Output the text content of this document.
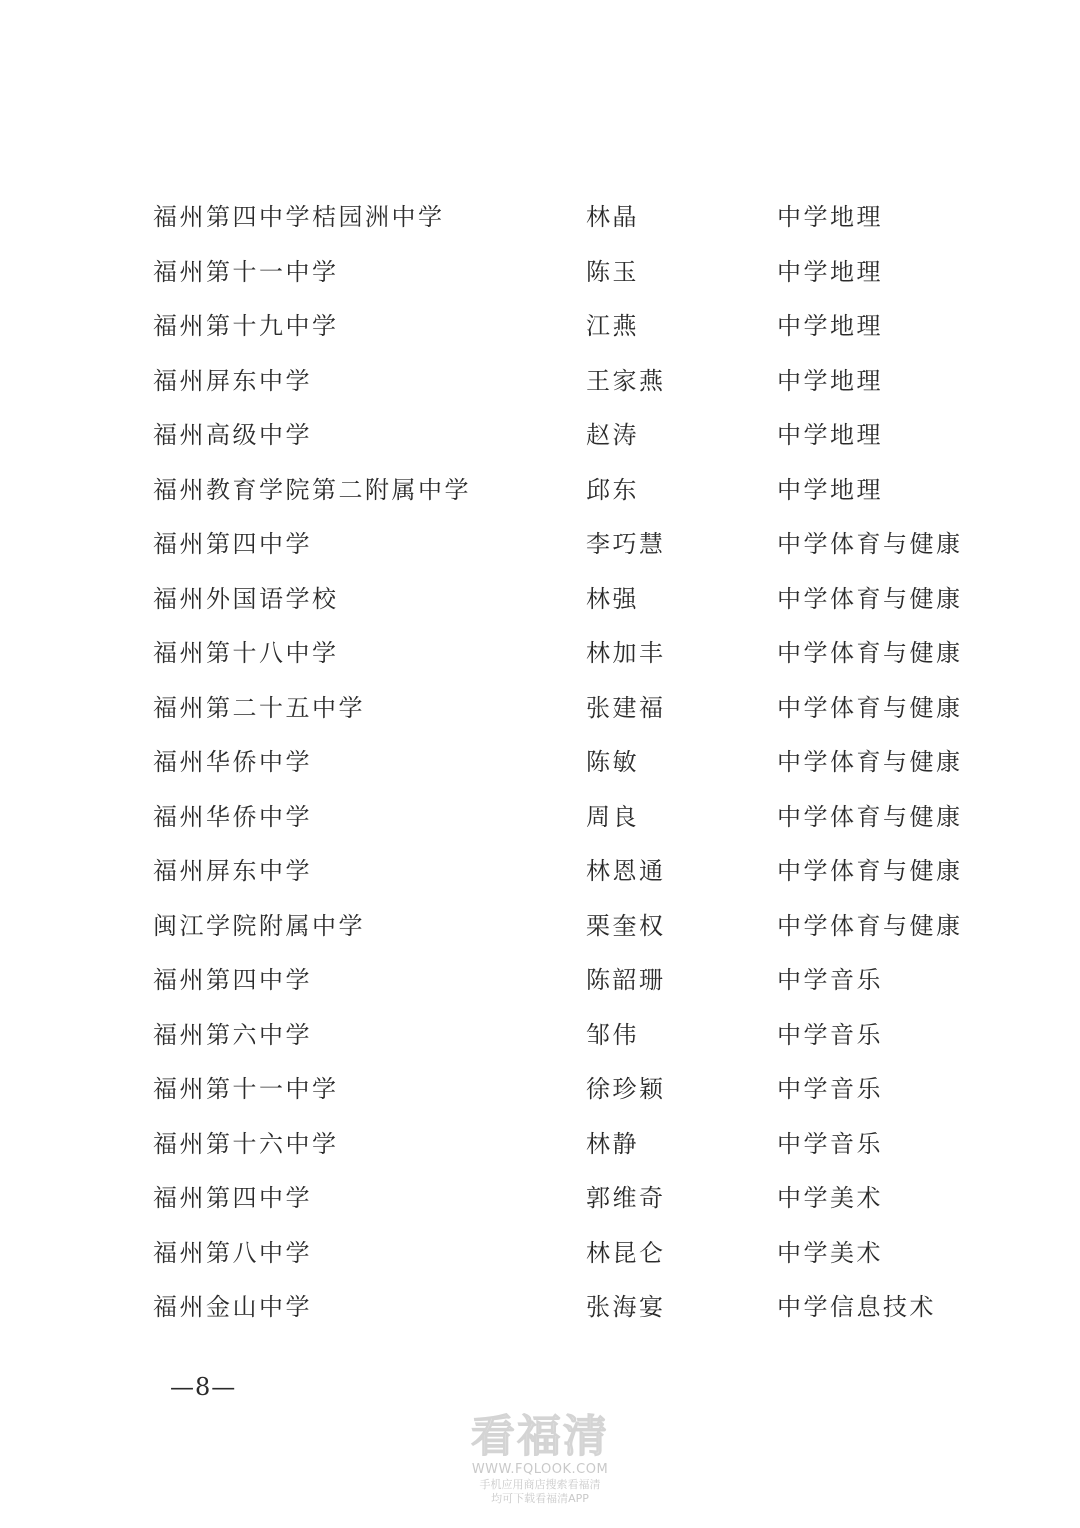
福州第四中学桔园洲中学	林晶	中学地理
福州第十一中学	陈玉	中学地理
福州第十九中学	江燕	中学地理
福州屏东中学	王家燕	中学地理
福州高级中学	赵涛	中学地理
福州教育学院第二附属中学	邱东	中学地理
福州第四中学	李巧慧	中学体育与健康
福州外国语学校	林强	中学体育与健康
福州第十八中学	林加丰	中学体育与健康
福州第二十五中学	张建福	中学体育与健康
福州华侨中学	陈敏	中学体育与健康
福州华侨中学	周良	中学体育与健康
福州屏东中学	林恩通	中学体育与健康
闽江学院附属中学	栗奎权	中学体育与健康
福州第四中学	陈韶珊	中学音乐
福州第六中学	邹伟	中学音乐
福州第十一中学	徐珍颖	中学音乐
福州第十六中学	林静	中学音乐
福州第四中学	郭维奇	中学美术
福州第八中学	林昆仑	中学美术
福州金山中学	张海宴	中学信息技术
—8—
看福清
WWW.FQLOOK.COM
手机应用商店搜索看福清
均可下载看福清APP
